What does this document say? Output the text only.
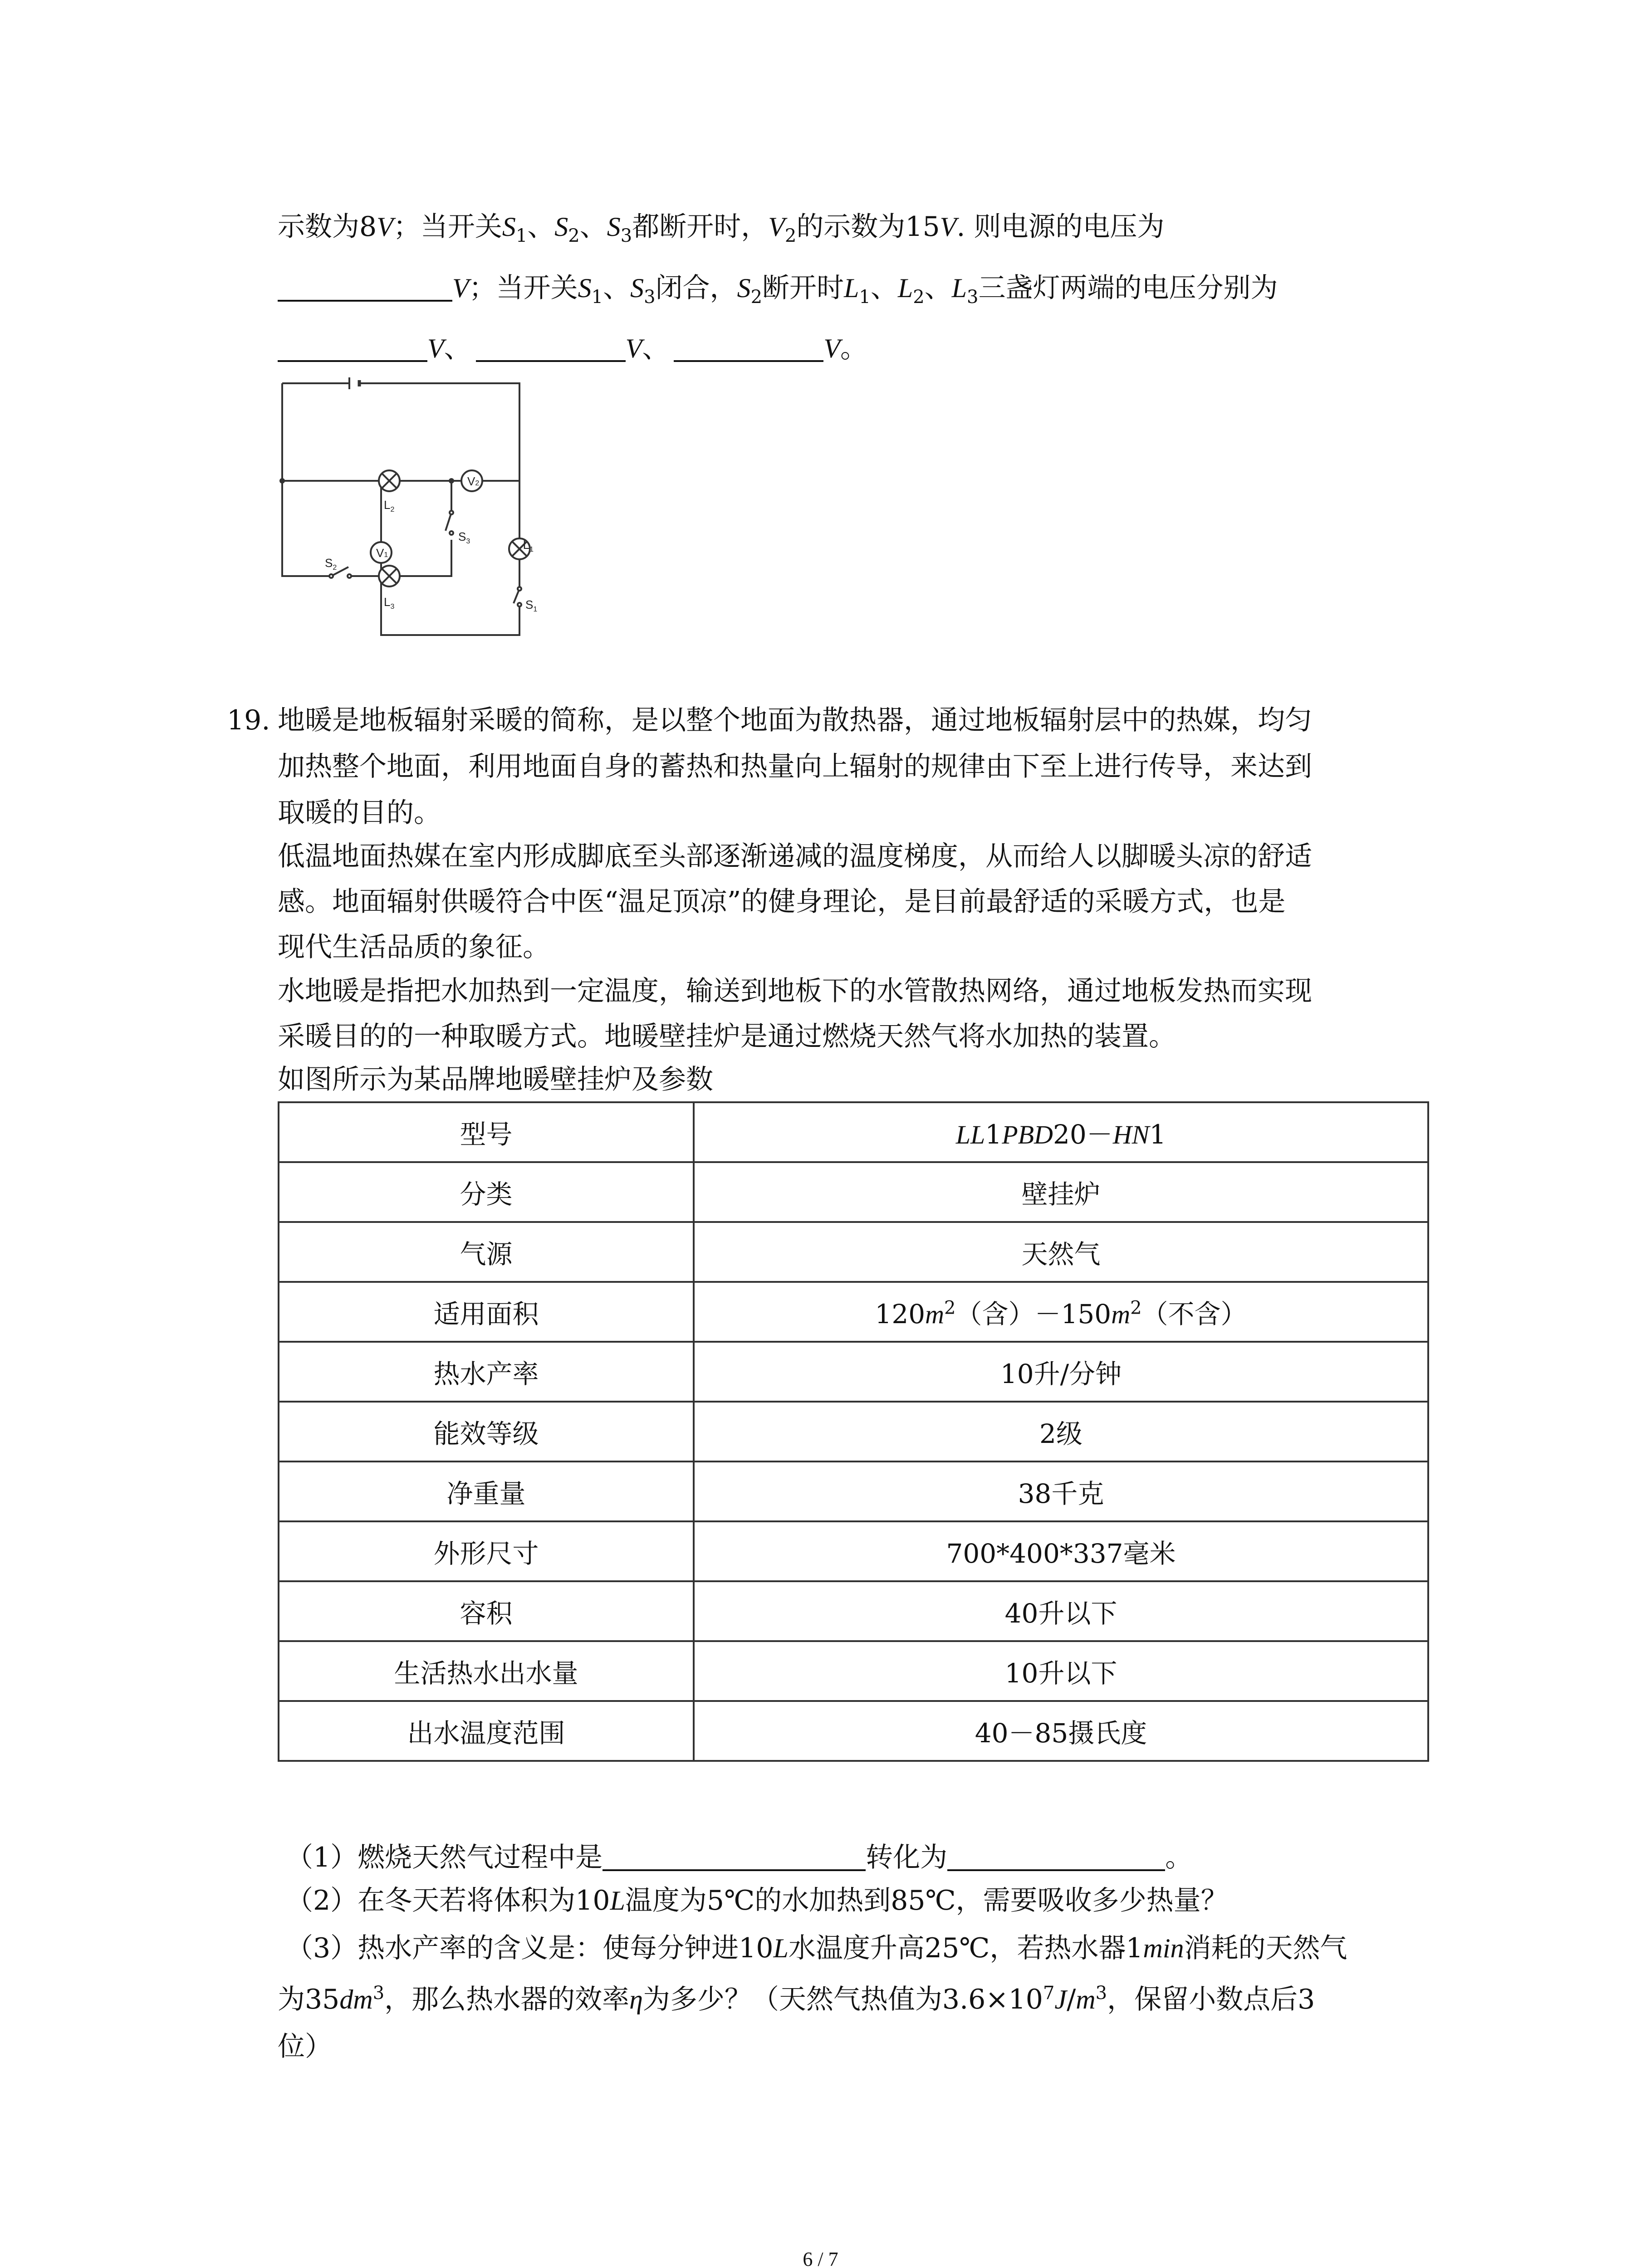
示数为8V；当开关$S_1$、$S_2$、$S_3$都断开时，$V_2$的示数为15V. 则电源的电压为
V；当开关$S_1$、$S_3$闭合，$S_2$断开时$L_1$、$L_2$、$L_3$三盏灯两端的电压分别为
V、	V、	V。
V2
V1
$L_2$
$L_3$
$L_1$
$S_2$
$S_3$
$S_1$
19. 地暖是地板辐射采暖的简称，是以整个地面为散热器，通过地板辐射层中的热媒，均匀
加热整个地面，利用地面自身的蓄热和热量向上辐射的规律由下至上进行传导，来达到
取暖的目的。
低温地面热媒在室内形成脚底至头部逐渐递减的温度梯度，从而给人以脚暖头凉的舒适
感。地面辐射供暖符合中医“温足顶凉”的健身理论，是目前最舒适的采暖方式，也是
现代生活品质的象征。
水地暖是指把水加热到一定温度，输送到地板下的水管散热网络，通过地板发热而实现
采暖目的的一种取暖方式。地暖壁挂炉是通过燃烧天然气将水加热的装置。
如图所示为某品牌地暖壁挂炉及参数
型号	LL1PBD20－HN1
分类	壁挂炉
气源	天然气
适用面积	$120m^2$（含）$-150m^2$（不含）
热水产率	10升/分钟
能效等级	2级
净重量	38千克
外形尺寸	700*400*337毫米
容积	40升以下
生活热水出水量	10升以下
出水温度范围	40－85摄氏度
（1）燃烧天然气过程中是	转化为	。
（2）在冬天若将体积为10L温度为5℃的水加热到85℃，需要吸收多少热量？
（3）热水产率的含义是：使每分钟进10L水温度升高25℃，若热水器1min消耗的天然气
为$35dm^3$，那么热水器的效率η为多少？（天然气热值为$3.6\times 10^7J/m^3$，保留小数点后3
位）
6 / 7
